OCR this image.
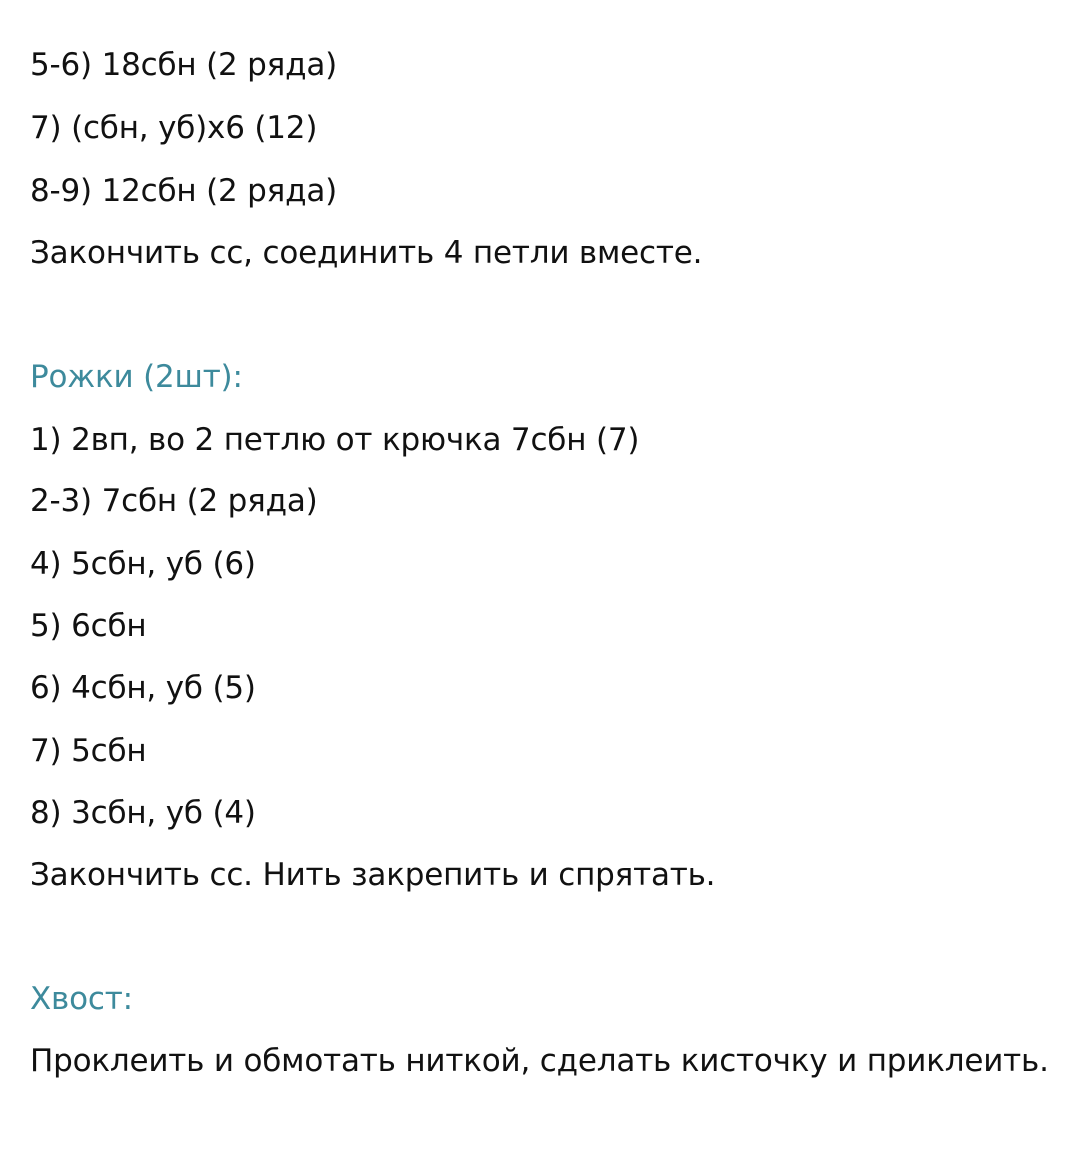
5-6) 18сбн (2 ряда)

7) (сбн, уб)х6 (12)

8-9) 12сбн (2 ряда)

Закончить сс, соединить 4 петли вместе.

Рожки (2шт):

1) 2вп, во 2 петлю от крючка 7сбн (7)

2-3) 7сбн (2 ряда)

4) 5сбн, уб (6)

5) 6сбн

6) 4сбн, уб (5)

7) 5сбн

8) 3сбн, уб (4)

Закончить сс. Нить закрепить и спрятать.

Хвост:

Проклеить и обмотать ниткой, сделать кисточку и приклеить.
